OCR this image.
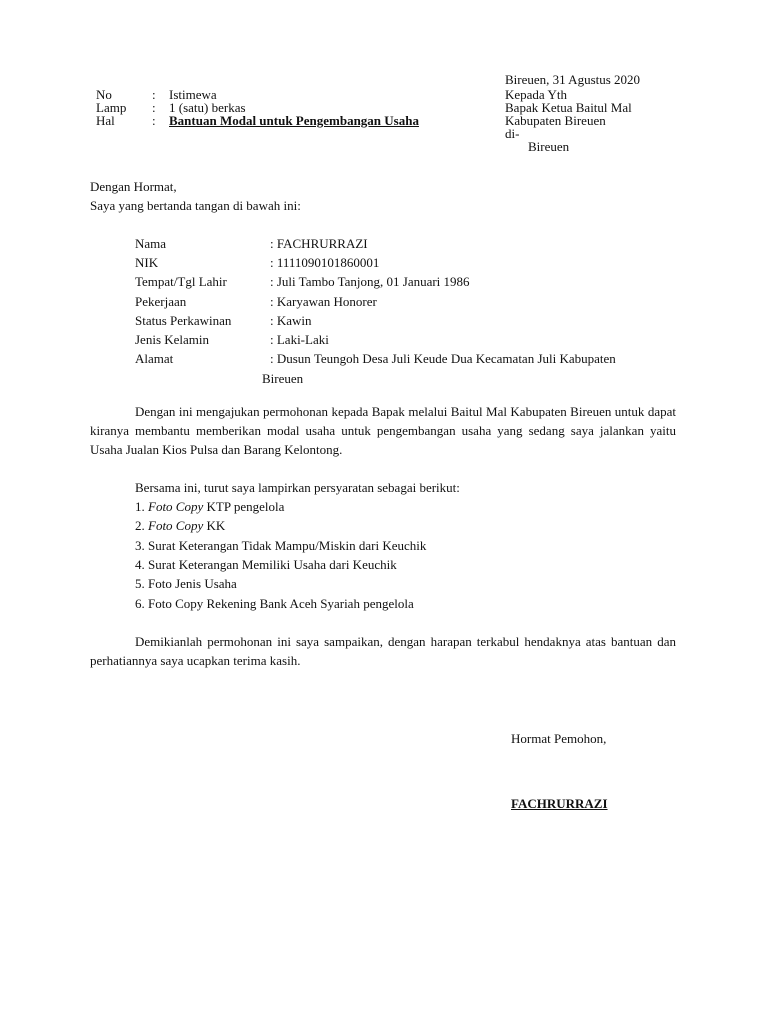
Bireuen, 31 Agustus 2020
Kepada Yth
Bapak Ketua Baitul Mal
Kabupaten Bireuen
di-
Bireuen
No	: Istimewa
Lamp : 1 (satu) berkas
Hal	: Bantuan Modal untuk Pengembangan Usaha
Dengan Hormat,
Saya yang bertanda tangan di bawah ini:
Nama	: FACHRURRAZI
NIK	: 1111090101860001
Tempat/Tgl Lahir	: Juli Tambo Tanjong, 01 Januari 1986
Pekerjaan	: Karyawan Honorer
Status Perkawinan	: Kawin
Jenis Kelamin	: Laki-Laki
Alamat	: Dusun Teungoh Desa Juli Keude Dua Kecamatan Juli Kabupaten
Bireuen
Dengan ini mengajukan permohonan kepada Bapak melalui Baitul Mal Kabupaten Bireuen untuk dapat kiranya membantu memberikan modal usaha untuk pengembangan usaha yang sedang saya jalankan yaitu Usaha Jualan Kios Pulsa dan Barang Kelontong.
Bersama ini, turut saya lampirkan persyaratan sebagai berikut:
1. Foto Copy KTP pengelola
2. Foto Copy KK
3. Surat Keterangan Tidak Mampu/Miskin dari Keuchik
4. Surat Keterangan Memiliki Usaha dari Keuchik
5. Foto Jenis Usaha
6. Foto Copy Rekening Bank Aceh Syariah pengelola
Demikianlah permohonan ini saya sampaikan, dengan harapan terkabul hendaknya atas bantuan dan perhatiannya saya ucapkan terima kasih.
Hormat Pemohon,
FACHRURRAZI
